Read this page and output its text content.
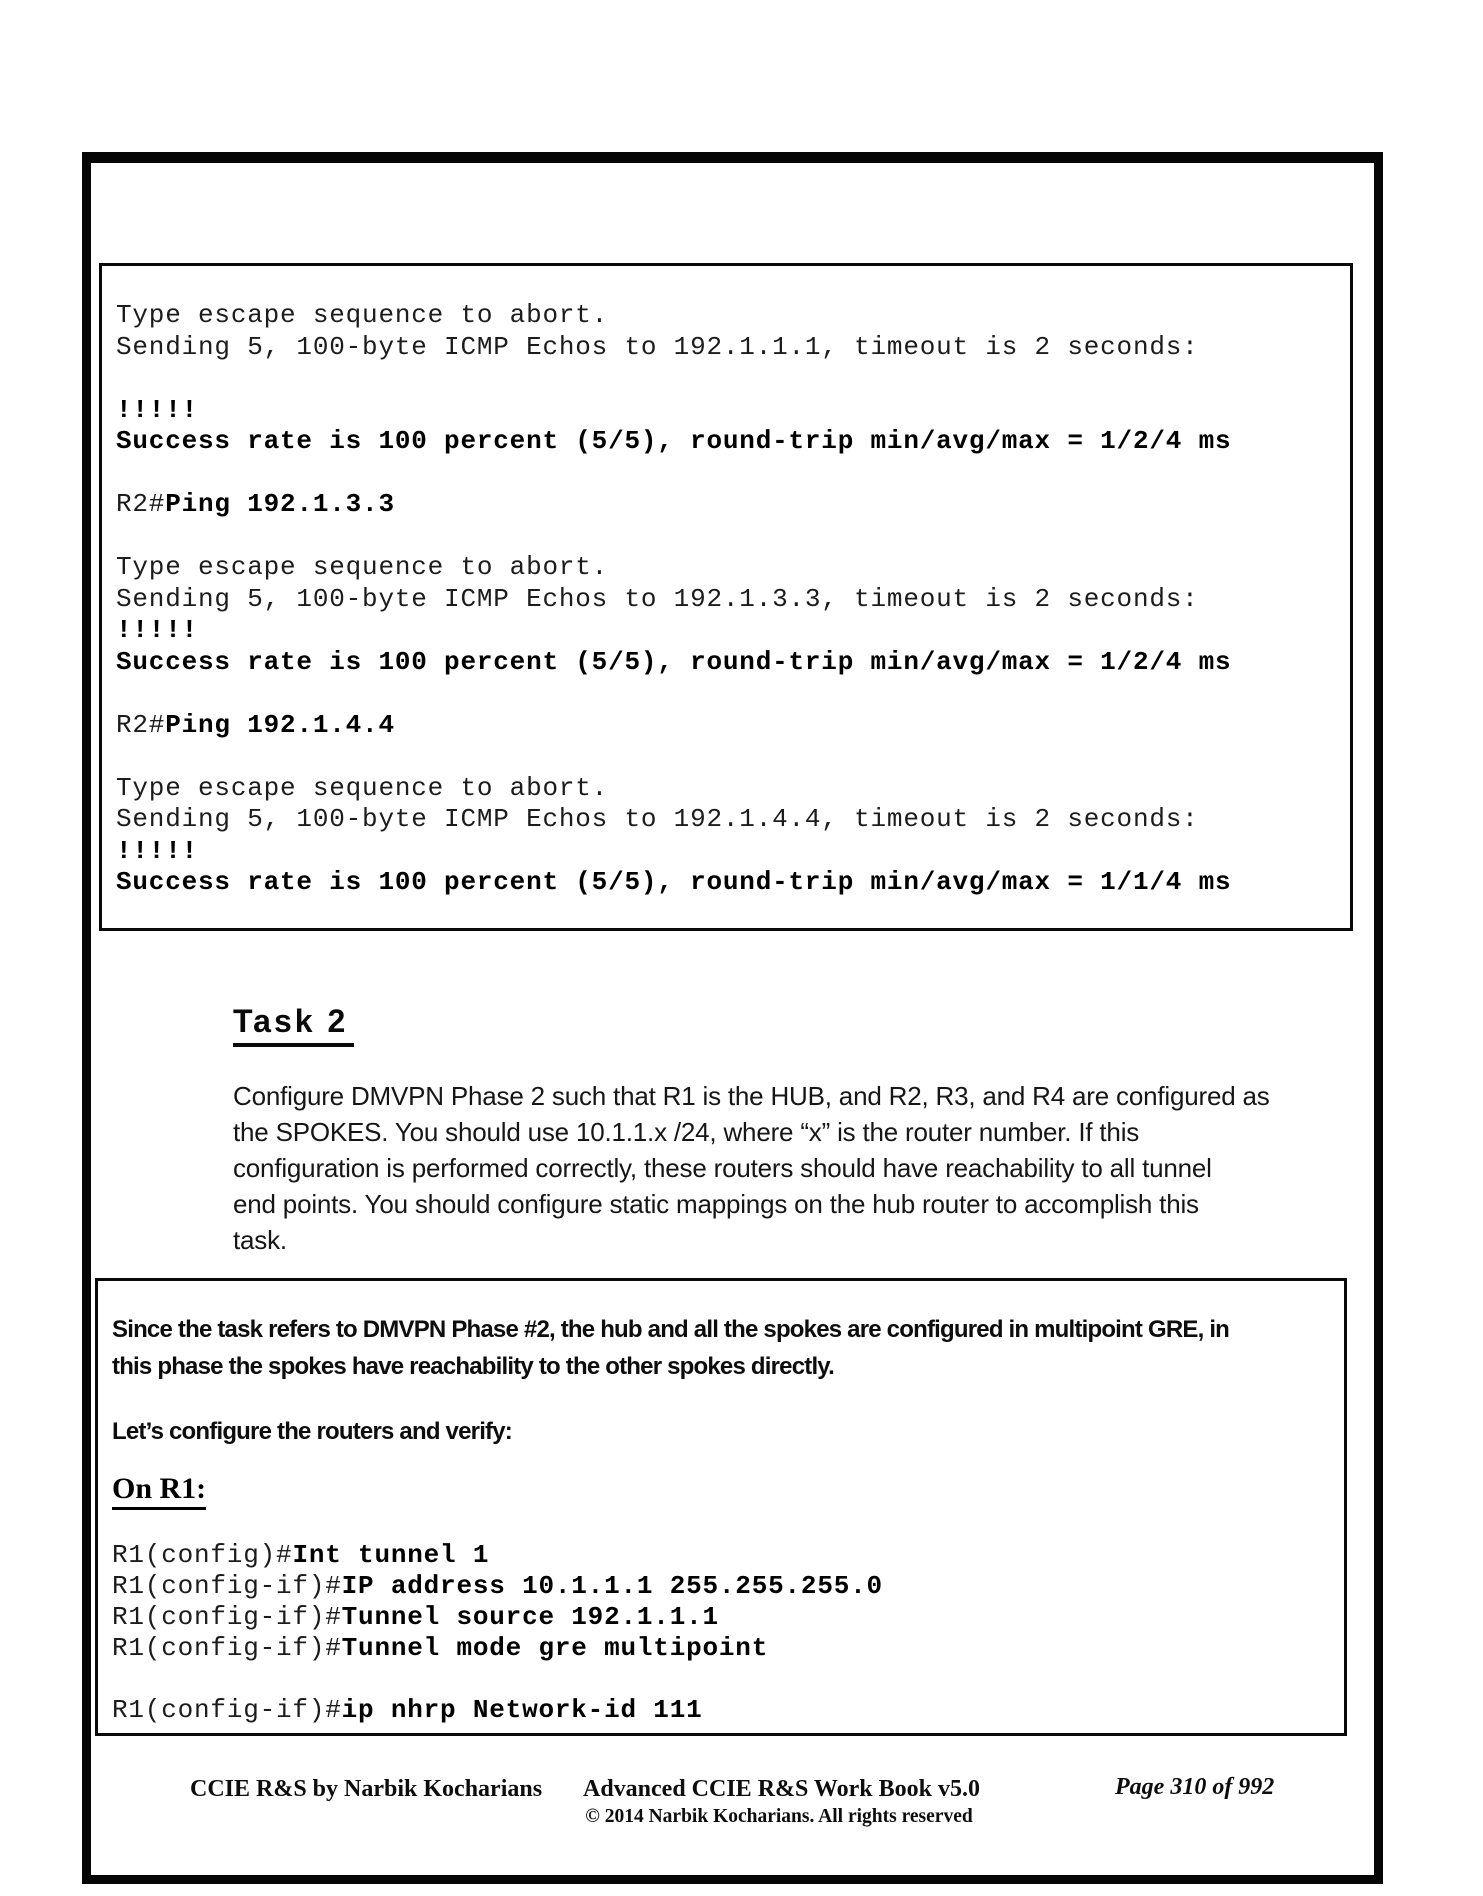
Type escape sequence to abort.
Sending 5, 100-byte ICMP Echos to 192.1.1.1, timeout is 2 seconds:

!!!!!
Success rate is 100 percent (5/5), round-trip min/avg/max = 1/2/4 ms

R2#Ping 192.1.3.3

Type escape sequence to abort.
Sending 5, 100-byte ICMP Echos to 192.1.3.3, timeout is 2 seconds:
!!!!!
Success rate is 100 percent (5/5), round-trip min/avg/max = 1/2/4 ms

R2#Ping 192.1.4.4

Type escape sequence to abort.
Sending 5, 100-byte ICMP Echos to 192.1.4.4, timeout is 2 seconds:
!!!!!
Success rate is 100 percent (5/5), round-trip min/avg/max = 1/1/4 ms
Task 2
Configure DMVPN Phase 2 such that R1 is the HUB, and R2, R3, and R4 are configured as
the SPOKES. You should use 10.1.1.x /24, where “x” is the router number. If this
configuration is performed correctly, these routers should have reachability to all tunnel
end points. You should configure static mappings on the hub router to accomplish this
task.
Since the task refers to DMVPN Phase #2, the hub and all the spokes are configured in multipoint GRE, in
this phase the spokes have reachability to the other spokes directly.
Let’s configure the routers and verify:
On R1:
R1(config)#Int tunnel 1
R1(config-if)#IP address 10.1.1.1 255.255.255.0
R1(config-if)#Tunnel source 192.1.1.1
R1(config-if)#Tunnel mode gre multipoint

R1(config-if)#ip nhrp Network-id 111
CCIE R&S by Narbik Kocharians Advanced CCIE R&S Work Book v5.0
© 2014 Narbik Kocharians. All rights reserved
Page 310 of 992
